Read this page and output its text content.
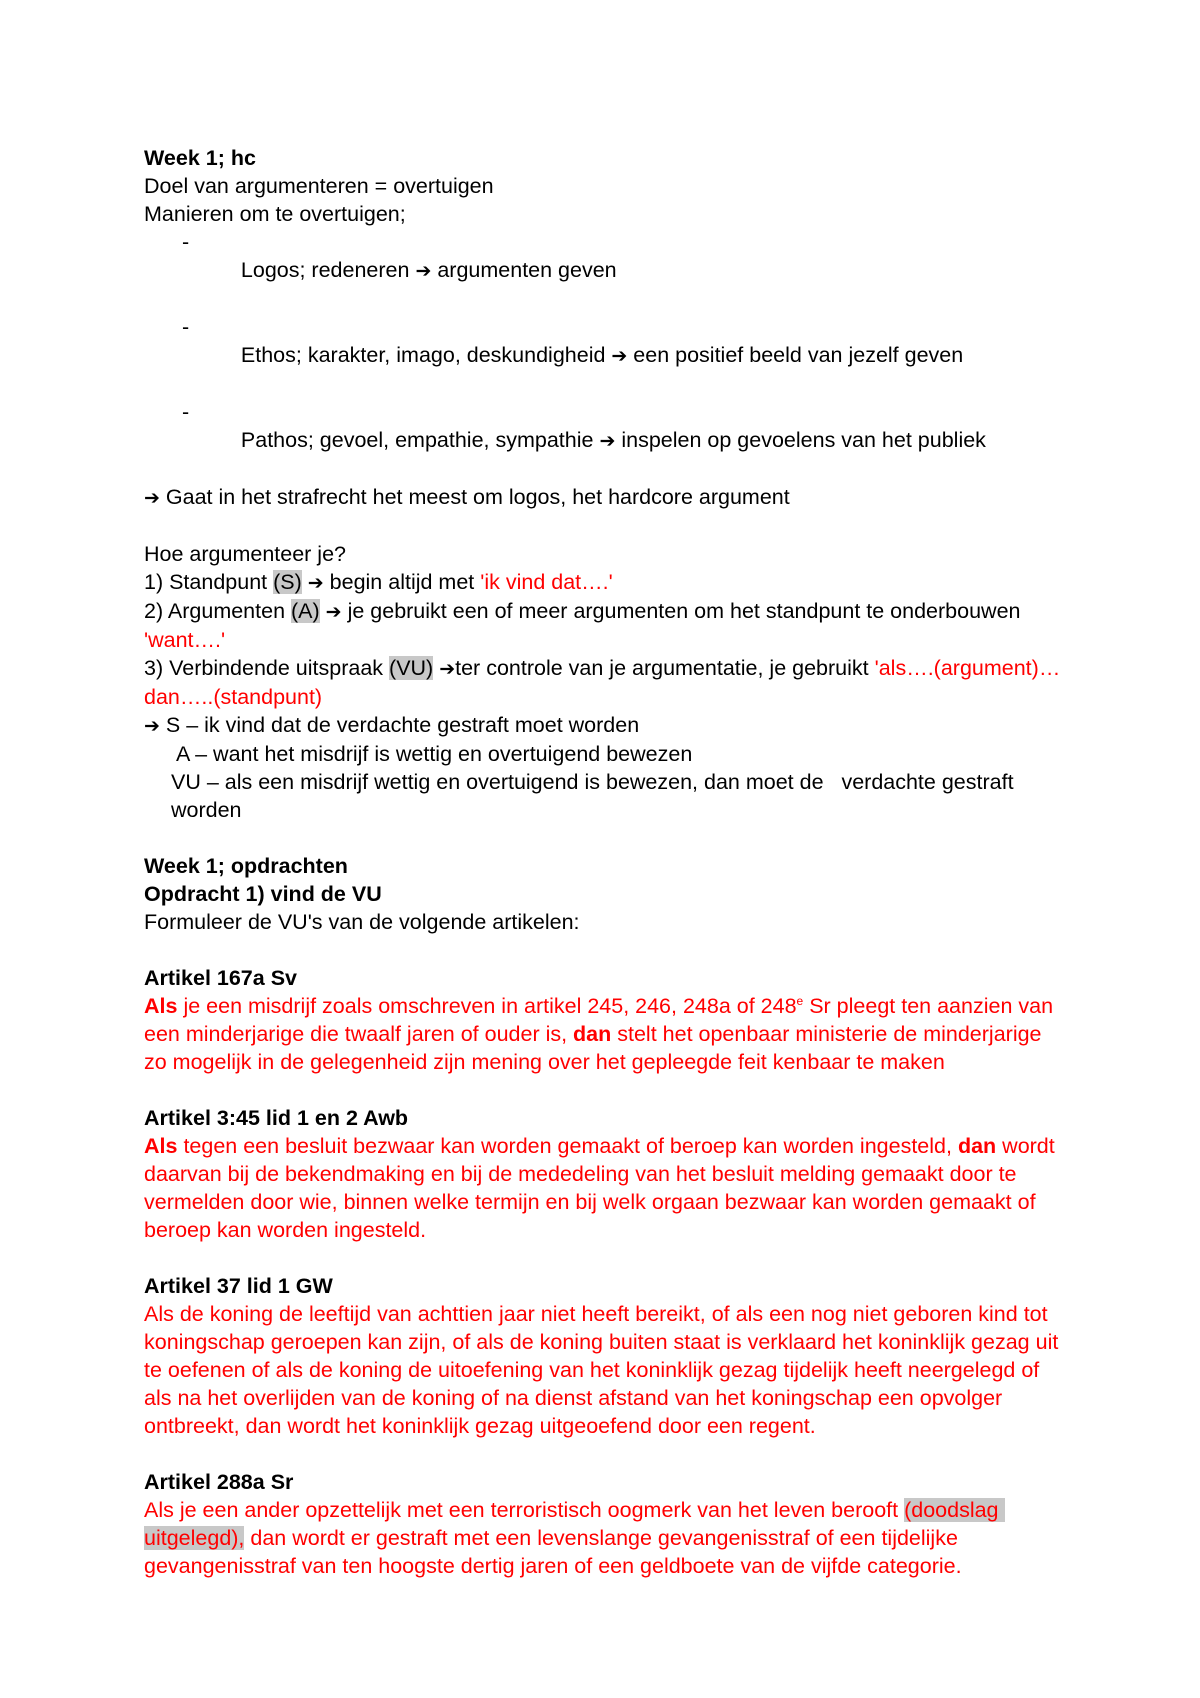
Week 1; hc
Doel van argumenteren = overtuigen
Manieren om te overtuigen;

-
Logos; redeneren ➔ argumenten geven

-
Ethos; karakter, imago, deskundigheid ➔ een positief beeld van jezelf geven

-
Pathos; gevoel, empathie, sympathie ➔ inspelen op gevoelens van het publiek

➔ Gaat in het strafrecht het meest om logos, het hardcore argument
Hoe argumenteer je?
1) Standpunt (S) ➔ begin altijd met 'ik vind dat….'
2) Argumenten (A) ➔ je gebruikt een of meer argumenten om het standpunt te onderbouwen 'want….'
3) Verbindende uitspraak (VU) ➔ter controle van je argumentatie, je gebruikt 'als….(argument)…dan…..(standpunt)
➔ S – ik vind dat de verdachte gestraft moet worden
A – want het misdrijf is wettig en overtuigend bewezen
VU – als een misdrijf wettig en overtuigend is bewezen, dan moet de   verdachte gestraft worden
Week 1; opdrachten
Opdracht 1) vind de VU
Formuleer de VU's van de volgende artikelen:
Artikel 167a Sv
Als je een misdrijf zoals omschreven in artikel 245, 246, 248a of 248e Sr pleegt ten aanzien van een minderjarige die twaalf jaren of ouder is, dan stelt het openbaar ministerie de minderjarige zo mogelijk in de gelegenheid zijn mening over het gepleegde feit kenbaar te maken
Artikel 3:45 lid 1 en 2 Awb
Als tegen een besluit bezwaar kan worden gemaakt of beroep kan worden ingesteld, dan wordt daarvan bij de bekendmaking en bij de mededeling van het besluit melding gemaakt door te vermelden door wie, binnen welke termijn en bij welk orgaan bezwaar kan worden gemaakt of beroep kan worden ingesteld.
Artikel 37 lid 1 GW
Als de koning de leeftijd van achttien jaar niet heeft bereikt, of als een nog niet geboren kind tot koningschap geroepen kan zijn, of als de koning buiten staat is verklaard het koninklijk gezag uit te oefenen of als de koning de uitoefening van het koninklijk gezag tijdelijk heeft neergelegd of als na het overlijden van de koning of na dienst afstand van het koningschap een opvolger ontbreekt, dan wordt het koninklijk gezag uitgeoefend door een regent.
Artikel 288a Sr
Als je een ander opzettelijk met een terroristisch oogmerk van het leven berooft (doodslag uitgelegd), dan wordt er gestraft met een levenslange gevangenisstraf of een tijdelijke gevangenisstraf van ten hoogste dertig jaren of een geldboete van de vijfde categorie.
